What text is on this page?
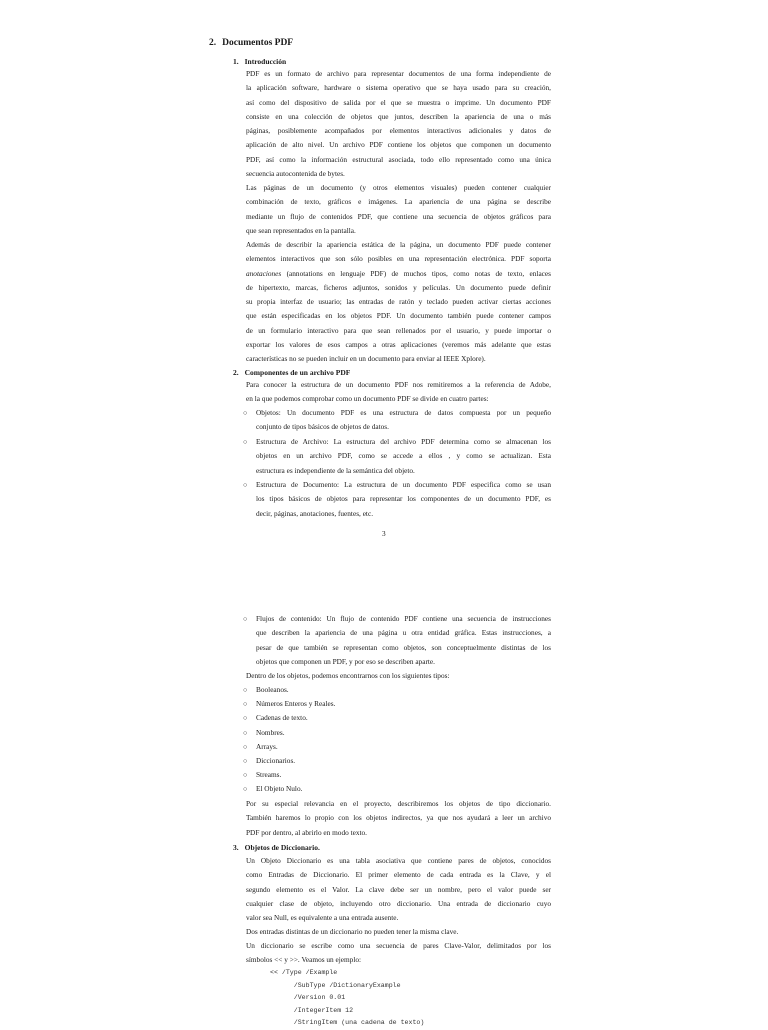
2. Documentos PDF
1. Introducción
PDF es un formato de archivo para representar documentos de una forma independiente de
la aplicación software, hardware o sistema operativo que se haya usado para su creación,
así como del dispositivo de salida por el que se muestra o imprime. Un documento PDF
consiste en una colección de objetos que juntos, describen la apariencia de una o más
páginas, posiblemente acompañados por elementos interactivos adicionales y datos de
aplicación de alto nivel. Un archivo PDF contiene los objetos que componen un documento
PDF, así como la información estructural asociada, todo ello representado como una única
secuencia autocontenida de bytes.
Las páginas de un documento (y otros elementos visuales) pueden contener cualquier
combinación de texto, gráficos e imágenes. La apariencia de una página se describe
mediante un flujo de contenidos PDF, que contiene una secuencia de objetos gráficos para
que sean representados en la pantalla.
Además de describir la apariencia estática de la página, un documento PDF puede contener
elementos interactivos que son sólo posibles en una representación electrónica. PDF soporta
anotaciones (annotations en lenguaje PDF) de muchos tipos, como notas de texto, enlaces
de hipertexto, marcas, ficheros adjuntos, sonidos y películas. Un documento puede definir
su propia interfaz de usuario; las entradas de ratón y teclado pueden activar ciertas acciones
que están especificadas en los objetos PDF. Un documento también puede contener campos
de un formulario interactivo para que sean rellenados por el usuario, y puede importar o
exportar los valores de esos campos a otras aplicaciones (veremos más adelante que estas
características no se pueden incluir en un documento para enviar al IEEE Xplore).
2. Componentes de un archivo PDF
Para conocer la estructura de un documento PDF nos remitiremos a la referencia de Adobe,
en la que podemos comprobar como un documento PDF se divide en cuatro partes:
○ Objetos: Un documento PDF es una estructura de datos compuesta por un pequeño
conjunto de tipos básicos de objetos de datos.
○ Estructura de Archivo: La estructura del archivo PDF determina como se almacenan los
objetos en un archivo PDF, como se accede a ellos , y como se actualizan. Esta
estructura es independiente de la semántica del objeto.
○ Estructura de Documento: La estructura de un documento PDF especifica como se usan
los tipos básicos de objetos para representar los componentes de un documento PDF, es
decir, páginas, anotaciones, fuentes, etc.
3
○ Flujos de contenido: Un flujo de contenido PDF contiene una secuencia de instrucciones
que describen la apariencia de una página u otra entidad gráfica. Estas instrucciones, a
pesar de que también se representan como objetos, son conceptuelmente distintas de los
objetos que componen un PDF, y por eso se describen aparte.
Dentro de los objetos, podemos encontrarnos con los siguientes tipos:
○ Booleanos.
○ Números Enteros y Reales.
○ Cadenas de texto.
○ Nombres.
○ Arrays.
○ Diccionarios.
○ Streams.
○ El Objeto Nulo.
Por su especial relevancia en el proyecto, describiremos los objetos de tipo diccionario.
También haremos lo propio con los objetos indirectos, ya que nos ayudará a leer un archivo
PDF por dentro, al abrirlo en modo texto.
3. Objetos de Diccionario.
Un Objeto Diccionario es una tabla asociativa que contiene pares de objetos, conocidos
como Entradas de Diccionario. El primer elemento de cada entrada es la Clave, y el
segundo elemento es el Valor. La clave debe ser un nombre, pero el valor puede ser
cualquier clase de objeto, incluyendo otro diccionario. Una entrada de diccionario cuyo
valor sea Null, es equivalente a una entrada ausente.
Dos entradas distintas de un diccionario no pueden tener la misma clave.
Un diccionario se escribe como una secuencia de pares Clave-Valor, delimitados por los
símbolos << y >>. Veamos un ejemplo:
<< /Type /Example
/SubType /DictionaryExample
/Version 0.01
/IntegerItem 12
/StringItem (una cadena de texto)
